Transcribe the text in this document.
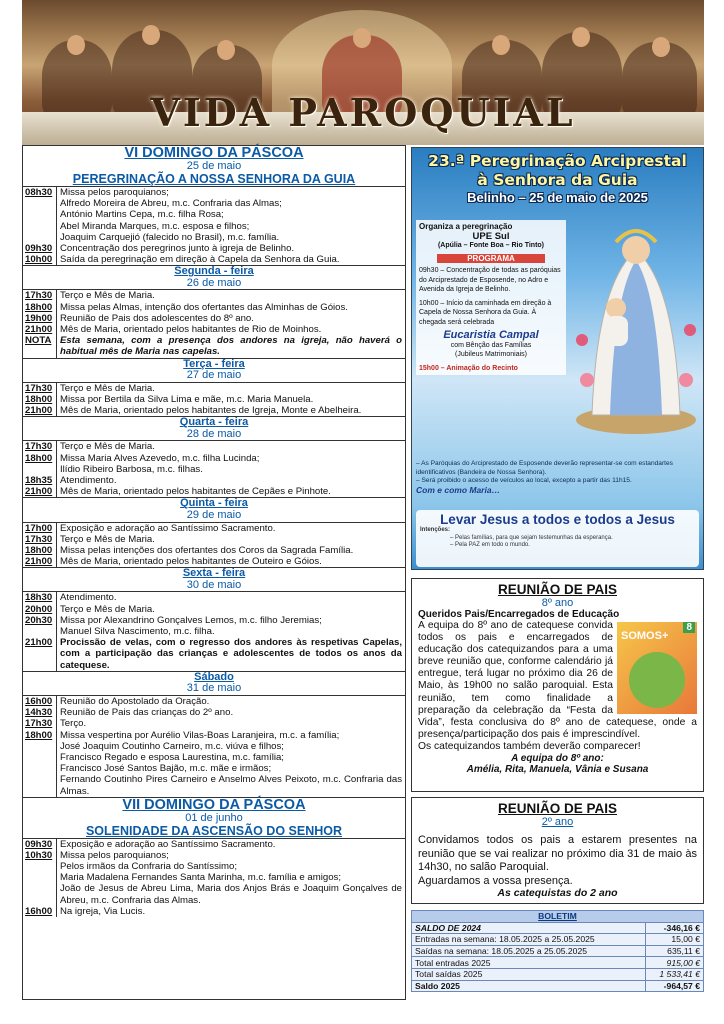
VIDA PAROQUIAL
VI DOMINGO DA PÁSCOA
25 de maio
PEREGRINAÇÃO A NOSSA SENHORA DA GUIA
08h30 Missa pelos paroquianos;
Alfredo Moreira de Abreu, m.c. Confraria das Almas;
António Martins Cepa, m.c. filha Rosa;
Abel Miranda Marques, m.c. esposa e filhos;
Joaquim Carquejió (falecido no Brasil), m.c. família.
09h30 Concentração dos peregrinos junto à igreja de Belinho.
10h00 Saída da peregrinação em direção à Capela da Senhora da Guia.
Segunda - feira
26 de maio
17h30 Terço e Mês de Maria.
18h00 Missa pelas Almas, intenção dos ofertantes das Alminhas de Góios.
19h00 Reunião de Pais dos adolescentes do 8º ano.
21h00 Mês de Maria, orientado pelos habitantes de Rio de Moinhos.
NOTA Esta semana, com a presença dos andores na igreja, não haverá o habitual mês de Maria nas capelas.
Terça - feira
27 de maio
17h30 Terço e Mês de Maria.
18h00 Missa por Bertila da Silva Lima e mãe, m.c. Maria Manuela.
21h00 Mês de Maria, orientado pelos habitantes de Igreja, Monte e Abelheira.
Quarta - feira
28 de maio
17h30 Terço e Mês de Maria.
18h00 Missa Maria Alves Azevedo, m.c. filha Lucinda;
Ilídio Ribeiro Barbosa, m.c. filhas.
18h35 Atendimento.
21h00 Mês de Maria, orientado pelos habitantes de Cepães e Pinhote.
Quinta - feira
29 de maio
17h00 Exposição e adoração ao Santíssimo Sacramento.
17h30 Terço e Mês de Maria.
18h00 Missa pelas intenções dos ofertantes dos Coros da Sagrada Família.
21h00 Mês de Maria, orientado pelos habitantes de Outeiro e Góios.
Sexta - feira
30 de maio
18h30 Atendimento.
20h00 Terço e Mês de Maria.
20h30 Missa por Alexandrino Gonçalves Lemos, m.c. filho Jeremias;
Manuel Silva Nascimento, m.c. filha.
21h00 Procissão de velas, com o regresso dos andores às respetivas Capelas, com a participação das crianças e adolescentes de todos os anos da catequese.
Sábado
31 de maio
16h00 Reunião do Apostolado da Oração.
14h30 Reunião de Pais das crianças do 2º ano.
17h30 Terço.
18h00 Missa vespertina por Aurélio Vilas-Boas Laranjeira, m.c. a família;
José Joaquim Coutinho Carneiro, m.c. viúva e filhos;
Francisco Regado e esposa Laurestina, m.c. família;
Francisco José Santos Bajão, m.c. mãe e irmãos;
Fernando Coutinho Pires Carneiro e Anselmo Alves Peixoto, m.c. Confraria das Almas.
VII DOMINGO DA PÁSCOA
01 de junho
SOLENIDADE DA ASCENSÃO DO SENHOR
09h30 Exposição e adoração ao Santíssimo Sacramento.
10h30 Missa pelos paroquianos;
Pelos irmãos da Confraria do Santíssimo;
Maria Madalena Fernandes Santa Marinha, m.c. família e amigos;
João de Jesus de Abreu Lima, Maria dos Anjos Brás e Joaquim Gonçalves de Abreu, m.c. Confraria das Almas.
16h00 Na igreja, Via Lucis.
23.ª Peregrinação Arciprestal
à Senhora da Guia
Belinho – 25 de maio de 2025
Organiza a peregrinação
UPE Sul
(Apúlia – Fonte Boa – Rio Tinto)
PROGRAMA
09h30 – Concentração de todas as paróquias do Arciprestado de Esposende, no Adro e Avenida da Igreja de Belinho.
10h00 – Início da caminhada em direção à Capela de Nossa Senhora da Guia. À chegada será celebrada
Eucaristia Campal
com Bênção das Famílias
(Jubileus Matrimoniais)
15h00 – Animação do Recinto
– As Paróquias do Arciprestado de Esposende deverão representar-se com estandartes identificativos (Bandeira de Nossa Senhora).
– Será proibido o acesso de veículos ao local, excepto a partir das 11h15.
Com e como Maria…
Levar Jesus a todos e todos a Jesus
Intenções:
– Pelas famílias, para que sejam testemunhas da esperança.
– Pela PAZ em todo o mundo.
REUNIÃO DE PAIS
8º ano
Queridos Pais/Encarregados de Educação
SOMOS+
8
A equipa do 8º ano de catequese convida todos os pais e encarregados de educação dos catequizandos para a uma breve reunião que, conforme calendário já entregue, terá lugar no próximo dia 26 de Maio, às 19h00 no salão paroquial. Esta reunião, tem como finalidade a preparação da celebração da “Festa da Vida”, festa conclusiva do 8º ano de catequese, onde a presença/participação dos pais é imprescindível.
Os catequizandos também deverão comparecer!
A equipa do 8º ano:
Amélia, Rita, Manuela, Vânia e Susana
REUNIÃO DE PAIS
2º ano
Convidamos todos os pais a estarem presentes na reunião que se vai realizar no próximo dia 31 de maio às 14h30, no salão Paroquial.
Aguardamos a vossa presença.
As catequistas do 2 ano
BOLETIM	
SALDO DE 2024	-346,16 €
Entradas na semana: 18.05.2025 a 25.05.2025	15,00 €
Saídas na semana: 18.05.2025 a 25.05.2025	635,11 €
Total entradas 2025	915,00 €
Total saídas 2025	1 533,41 €
Saldo 2025	-964,57 €
